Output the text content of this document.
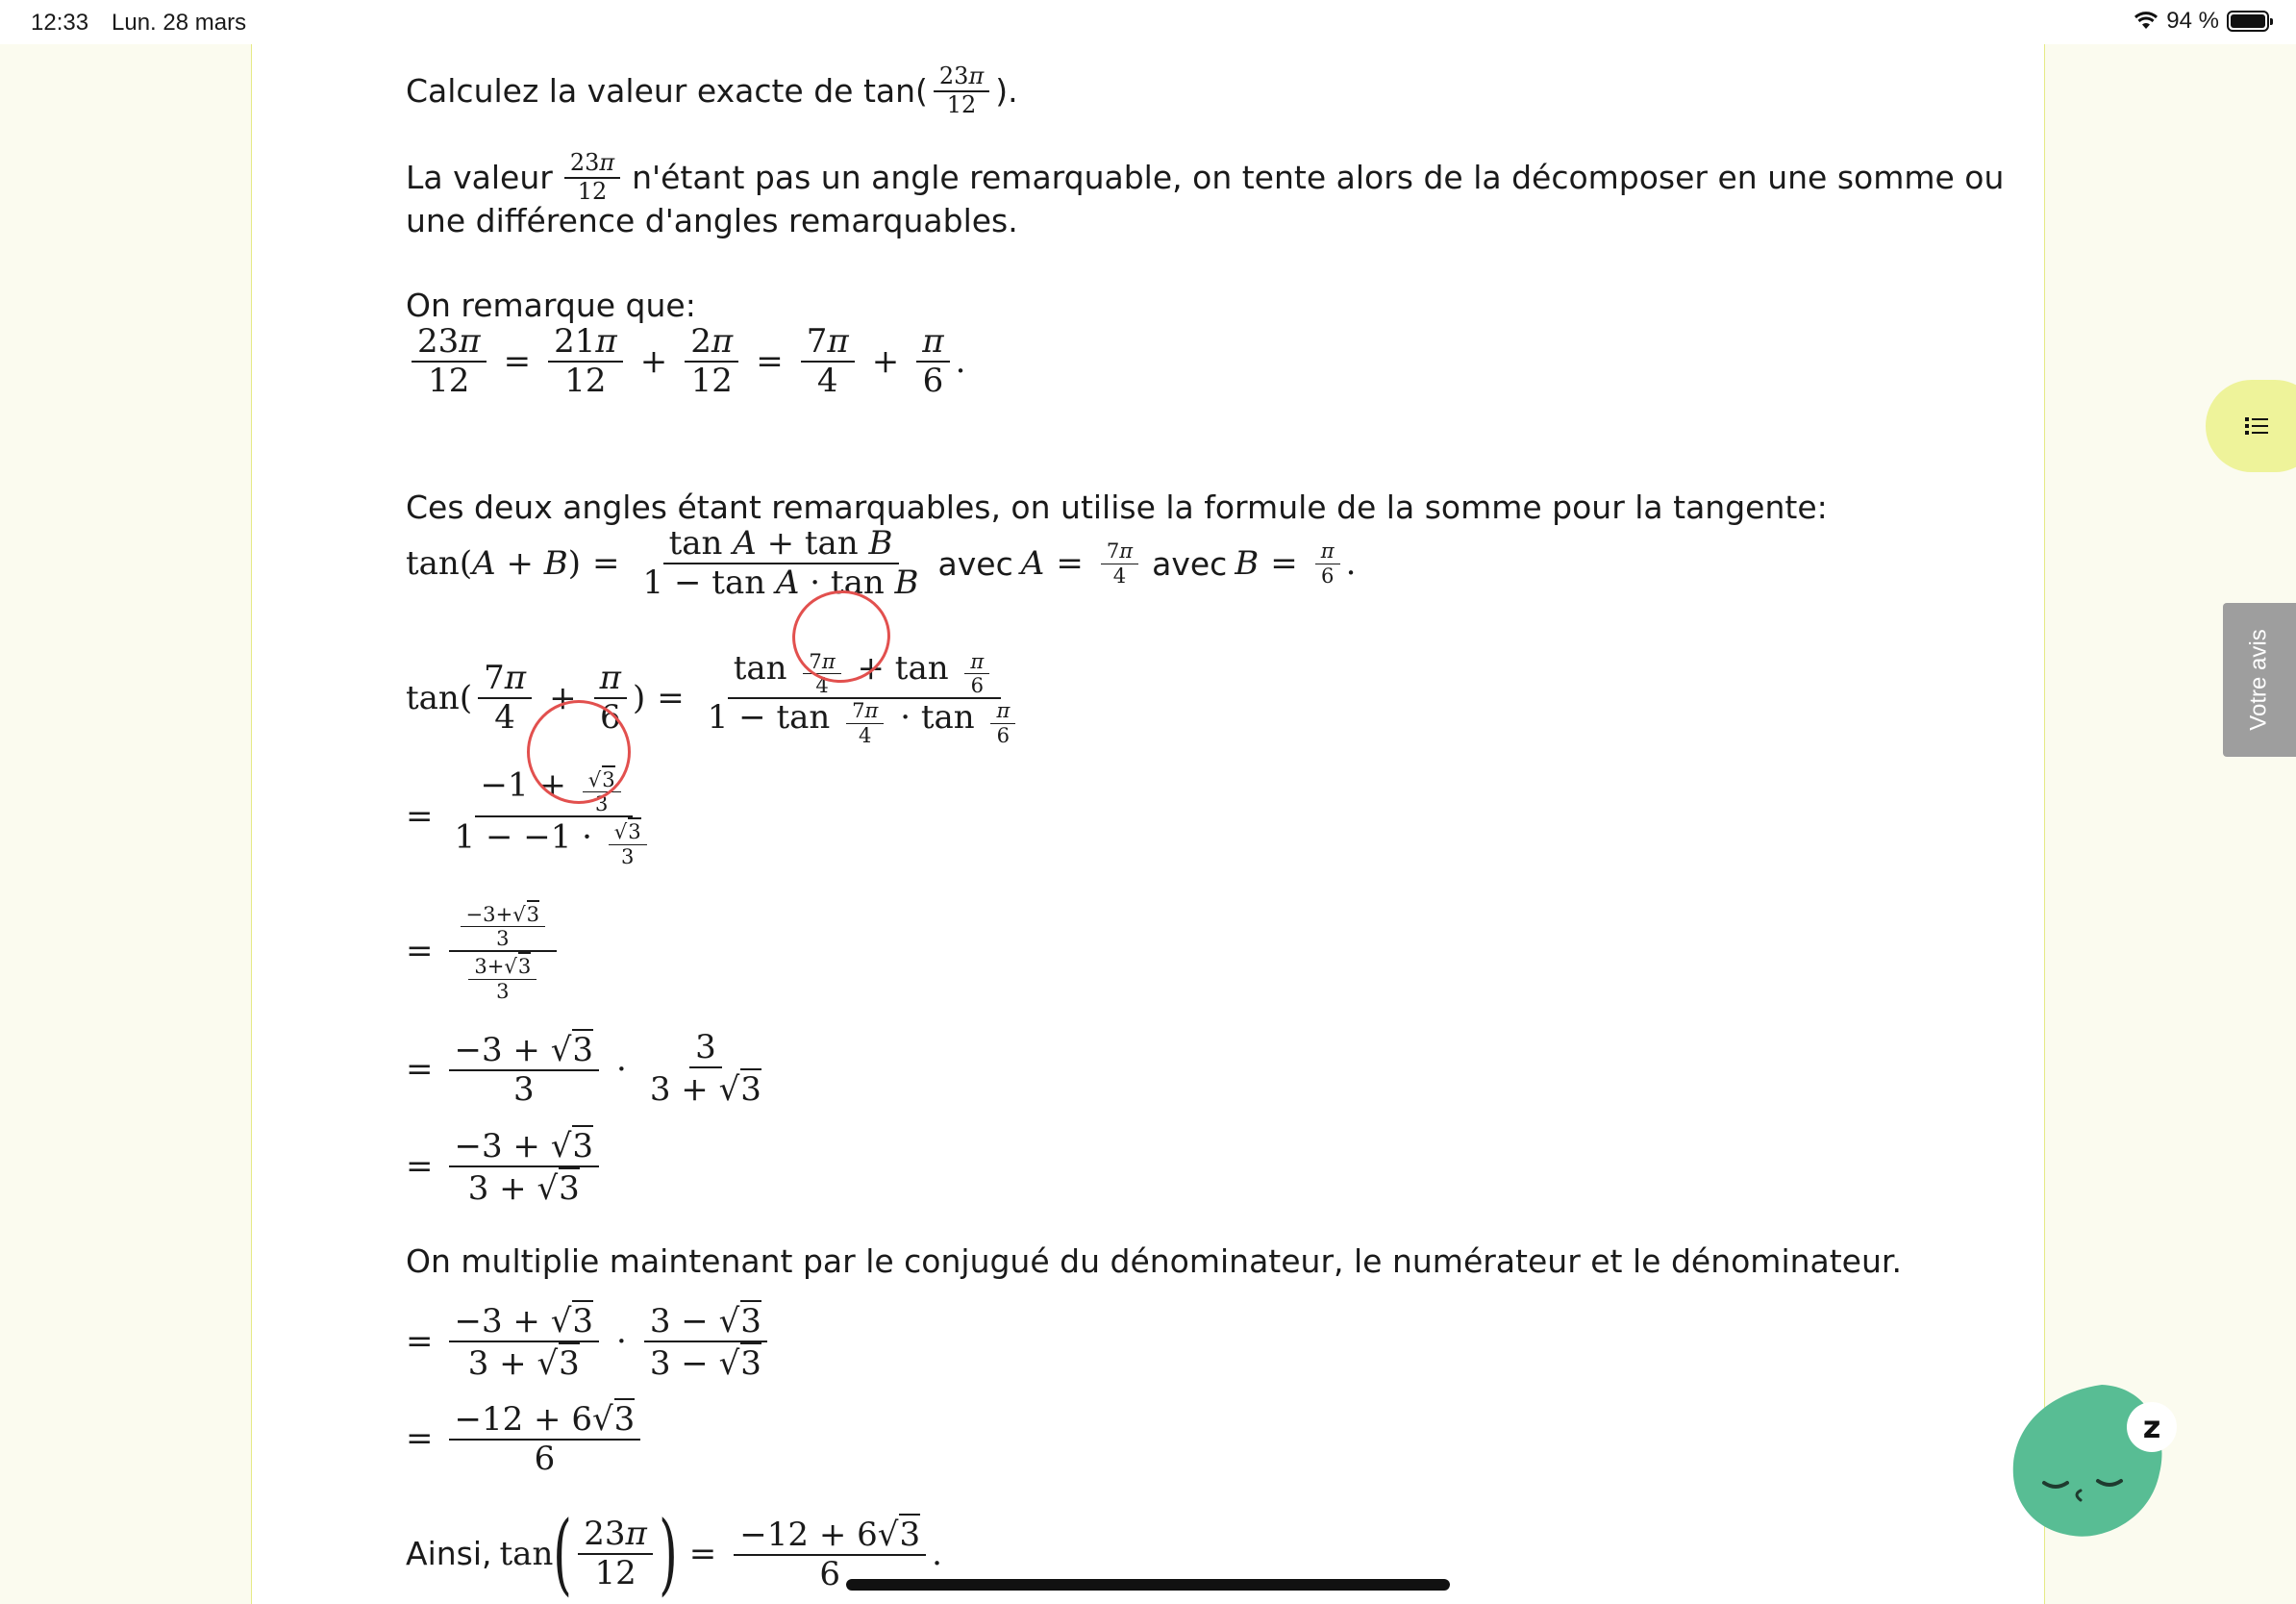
12:33 Lun. 28 mars	94 %
Calculez la valeur exacte de $\tan( \frac{23\pi}{12}$ ).
La valeur $\frac{23\pi}{12}$ n'étant pas un angle remarquable, on tente alors de la décomposer en une somme ou
une différence d'angles remarquables.
On remarque que:
$\frac{23\pi}{12} = \frac{21\pi}{12} + \frac{2\pi}{12} = \frac{7\pi}{4} + \frac{\pi}{6}$ .
Ces deux angles étant remarquables, on utilise la formule de la somme pour la tangente:
$\tan(A + B) = \frac{\text{tan A + tan B}}{\text{1 − tan A · tan B}}$ avec $A = \frac{7\pi}{4}$ avec $B = \frac{\pi}{6}$ .
$\tan( \frac{7\pi}{4} + \frac{\pi}{6}$ ) = $\frac{\tan \frac{7\pi}{4} + \tan \frac{\pi}{6}}{1 - \tan \frac{7\pi}{4} \cdot \tan \frac{\pi}{6}}$
= $\frac{-1 + \frac{√ 3}{3}}{1 - -1 \cdot \frac{√ 3}{3}}$
= $\frac{\frac{-3+ √ 3}{3}}{\frac{3+ √ 3}{3}}$
= $\frac{-3 + √ 3}{3} \cdot \frac{3}{3 + √ 3}$
= $\frac{-3 + √ 3}{3 + √ 3}$
On multiplie maintenant par le conjugué du dénominateur, le numérateur et le dénominateur.
= $\frac{-3 + √ 3}{3 + √ 3} \cdot \frac{3 - √ 3}{3 - √ 3}$
= $\frac{-12 + 6 √ 3}{6}$
Ainsi, tan ( $\frac{23\pi}{12}$ ) = $\frac{-12 + 6 √ 3}{6}$ .
Votre avis
z
